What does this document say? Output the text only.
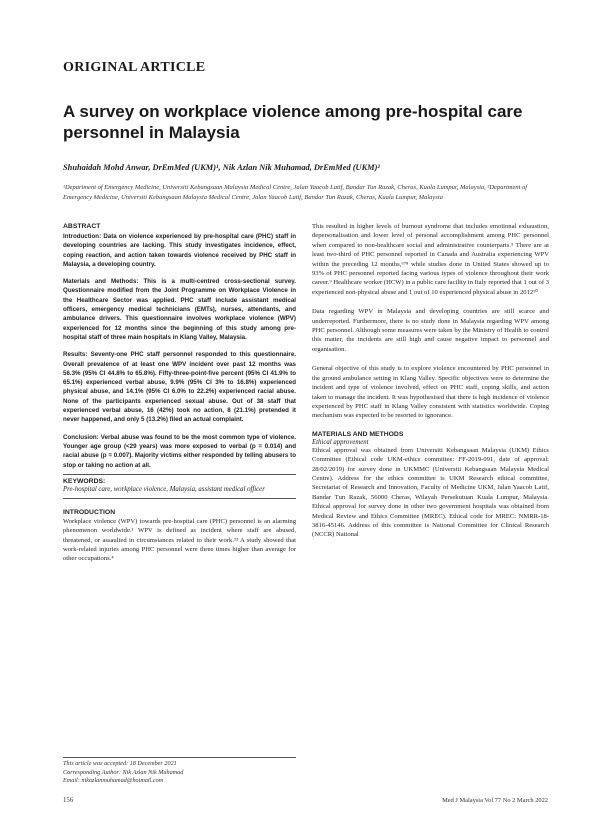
ORIGINAL ARTICLE
A survey on workplace violence among pre-hospital care personnel in Malaysia
Shuhaidah Mohd Anwar, DrEmMed (UKM)¹, Nik Azlan Nik Muhamad, DrEmMed (UKM)²
¹Department of Emergency Medicine, Universiti Kebangsaan Malaysia Medical Centre, Jalan Yaacob Latif, Bandar Tun Razak, Cheras, Kuala Lumpur, Malaysia, ²Department of Emergency Medicine, Universiti Kebangsaan Malaysia Medical Centre, Jalan Yaacob Latif, Bandar Tun Razak, Cheras, Kuala Lumpur, Malaysia
ABSTRACT

Introduction: Data on violence experienced by pre-hospital care (PHC) staff in developing countries are lacking. This study investigates incidence, effect, coping reaction, and action taken towards violence received by PHC staff in Malaysia, a developing country.

Materials and Methods: This is a multi-centred cross-sectional survey. Questionnaire modified from the Joint Programme on Workplace Violence in the Healthcare Sector was applied. PHC staff include assistant medical officers, emergency medical technicians (EMTs), nurses, attendants, and ambulance drivers. This questionnaire involves workplace violence (WPV) experienced for 12 months since the beginning of this study among pre-hospital staff of three main hospitals in Klang Valley, Malaysia.

Results: Seventy-one PHC staff personnel responded to this questionnaire. Overall prevalence of at least one WPV incident over past 12 months was 56.3% (95% CI 44.8% to 65.8%). Fifty-three-point-five percent (95% CI 41.9% to 65.1%) experienced verbal abuse, 9.9% (95% CI 3% to 16.8%) experienced physical abuse, and 14.1% (95% CI 6.0% to 22.2%) experienced racial abuse. None of the participants experienced sexual abuse. Out of 38 staff that experienced verbal abuse, 16 (42%) took no action, 8 (21.1%) pretended it never happened, and only 5 (13.2%) filed an actual complaint.

Conclusion: Verbal abuse was found to be the most common type of violence. Younger age group (<29 years) was more exposed to verbal (p = 0.014) and racial abuse (p = 0.007). Majority victims either responded by telling abusers to stop or taking no action at all.

KEYWORDS:
Pre-hospital care, workplace violence, Malaysia, assistant medical officer
INTRODUCTION

Workplace violence (WPV) towards pre-hospital care (PHC) personnel is an alarming phenomenon worldwide.¹ WPV is defined as incident where staff are abused, threatened, or assaulted in circumstances related to their work.²³ A study showed that work-related injuries among PHC personnel were three times higher than average for other occupations.⁴

This resulted in higher levels of burnout syndrome that includes emotional exhaustion, depersonalisation and lower level of personal accomplishment among PHC personnel when compared to non-healthcare social and administrative counterparts.⁵ There are at least two-third of PHC personnel reported in Canada and Australia experiencing WPV within the preceding 12 months,⁶⁷⁸ while studies done in United States showed up to 93% of PHC personnel reported facing various types of violence throughout their work career.⁹ Healthcare worker (HCW) in a public care facility in Italy reported that 1 out of 3 experienced non-physical abuse and 1 out of 10 experienced physical abuse in 2012¹⁰

Data regarding WPV in Malaysia and developing countries are still scarce and underreported. Furthermore, there is no study done in Malaysia regarding WPV among PHC personnel. Although some measures were taken by the Ministry of Health to control this matter, the incidents are still high and cause negative impact to personnel and organisation.

General objective of this study is to explore violence encountered by PHC personnel in the ground ambulance setting in Klang Valley. Specific objectives were to determine the incident and type of violence involved, effect on PHC staff, coping skills, and action taken to manage the incident. It was hypothesised that there is high incidence of violence experienced by PHC staff in Klang Valley consistent with statistics worldwide. Coping mechanism was expected to be resorted to ignorance.

MATERIALS AND METHODS
Ethical approvement

Ethical approval was obtained from Universiti Kebangsaan Malaysia (UKM) Ethics Committee (Ethical code UKM-ethics committee: FF-2019-091, date of approval: 28/02/2019) for survey done in UKMMC (Universiti Kebangsaan Malaysia Medical Centre). Address for the ethics committee is UKM Research ethical committee, Secretariat of Research and Innovation, Faculty of Medicine UKM, Jalan Yaacob Latif, Bandar Tun Razak, 56000 Cheras, Wilayah Persekutuan Kuala Lumpur, Malaysia. Ethical approval for survey done in other two government hospitals was obtained from Medical Review and Ethics Committee (MREC). Ethical code for MREC: NMRR-18-3816-45146. Address of this committee is National Committee for Clinical Research (NCCR) National

This article was accepted: 18 December 2021
Corresponding Author: Nik Azlan Nik Muhamad
Email: nikazlanmuhamad@hotmail.com
156	Med J Malaysia Vol 77 No 2 March 2022
